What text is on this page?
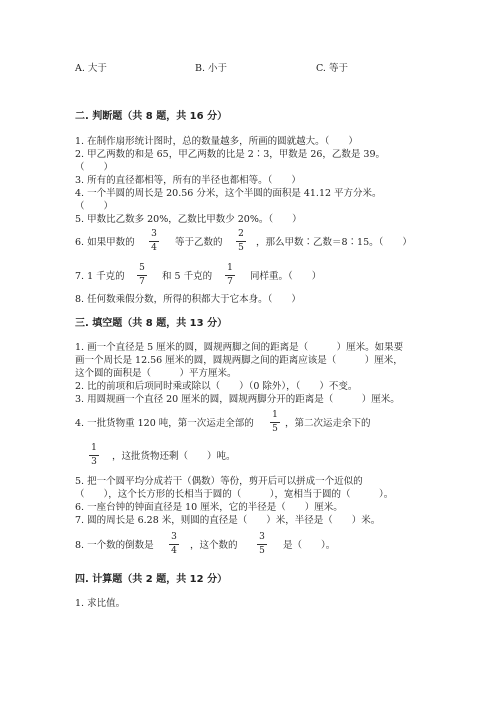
A. 大于	B. 小于	C. 等于
二. 判断题（共 8 题，共 16 分）
1. 在制作扇形统计图时，总的数量越多，所画的圆就越大。（　　）
2. 甲乙两数的和是 65，甲乙两数的比是 2∶3，甲数是 26，乙数是 39。
（　　）
3. 所有的直径都相等，所有的半径也都相等。（　　）
4. 一个半圆的周长是 20.56 分米，这个半圆的面积是 41.12 平方分米。
（　　）
5. 甲数比乙数多 20%，乙数比甲数少 20%。（　　）
6. 如果甲数的
3
4	等于乙数的
2
5	，那么甲数∶乙数＝8∶15。（　　）
7. 1 千克的
5
7	和 5 千克的
1
7	同样重。（　　）
8. 任何数乘假分数，所得的积都大于它本身。（　　）
三. 填空题（共 8 题，共 13 分）
1. 画一个直径是 5 厘米的圆，圆规两脚之间的距离是（　　　）厘米。如果要
画一个周长是 12.56 厘米的圆，圆规两脚之间的距离应该是（　　　）厘米，
这个圆的面积是（　　　）平方厘米。
2. 比的前项和后项同时乘或除以（　　）（0 除外），（　　）不变。
3. 用圆规画一个直径 20 厘米的圆，圆规两脚分开的距离是（　　　）厘米。
4. 一批货物重 120 吨，第一次运走全部的
1
5 ，第二次运走余下的
1
3	，这批货物还剩（　　）吨。
5. 把一个圆平均分成若干（偶数）等份，剪开后可以拼成一个近似的
（　　），这个长方形的长相当于圆的（　　　），宽相当于圆的（　　　）。
6. 一座台钟的钟面直径是 10 厘米，它的半径是（　　）厘米。
7. 圆的周长是 6.28 米，则圆的直径是（　　）米，半径是（　　）米。
8. 一个数的倒数是
3
4	，这个数的
3
5	是（　　）。
四. 计算题（共 2 题，共 12 分）
1. 求比值。
